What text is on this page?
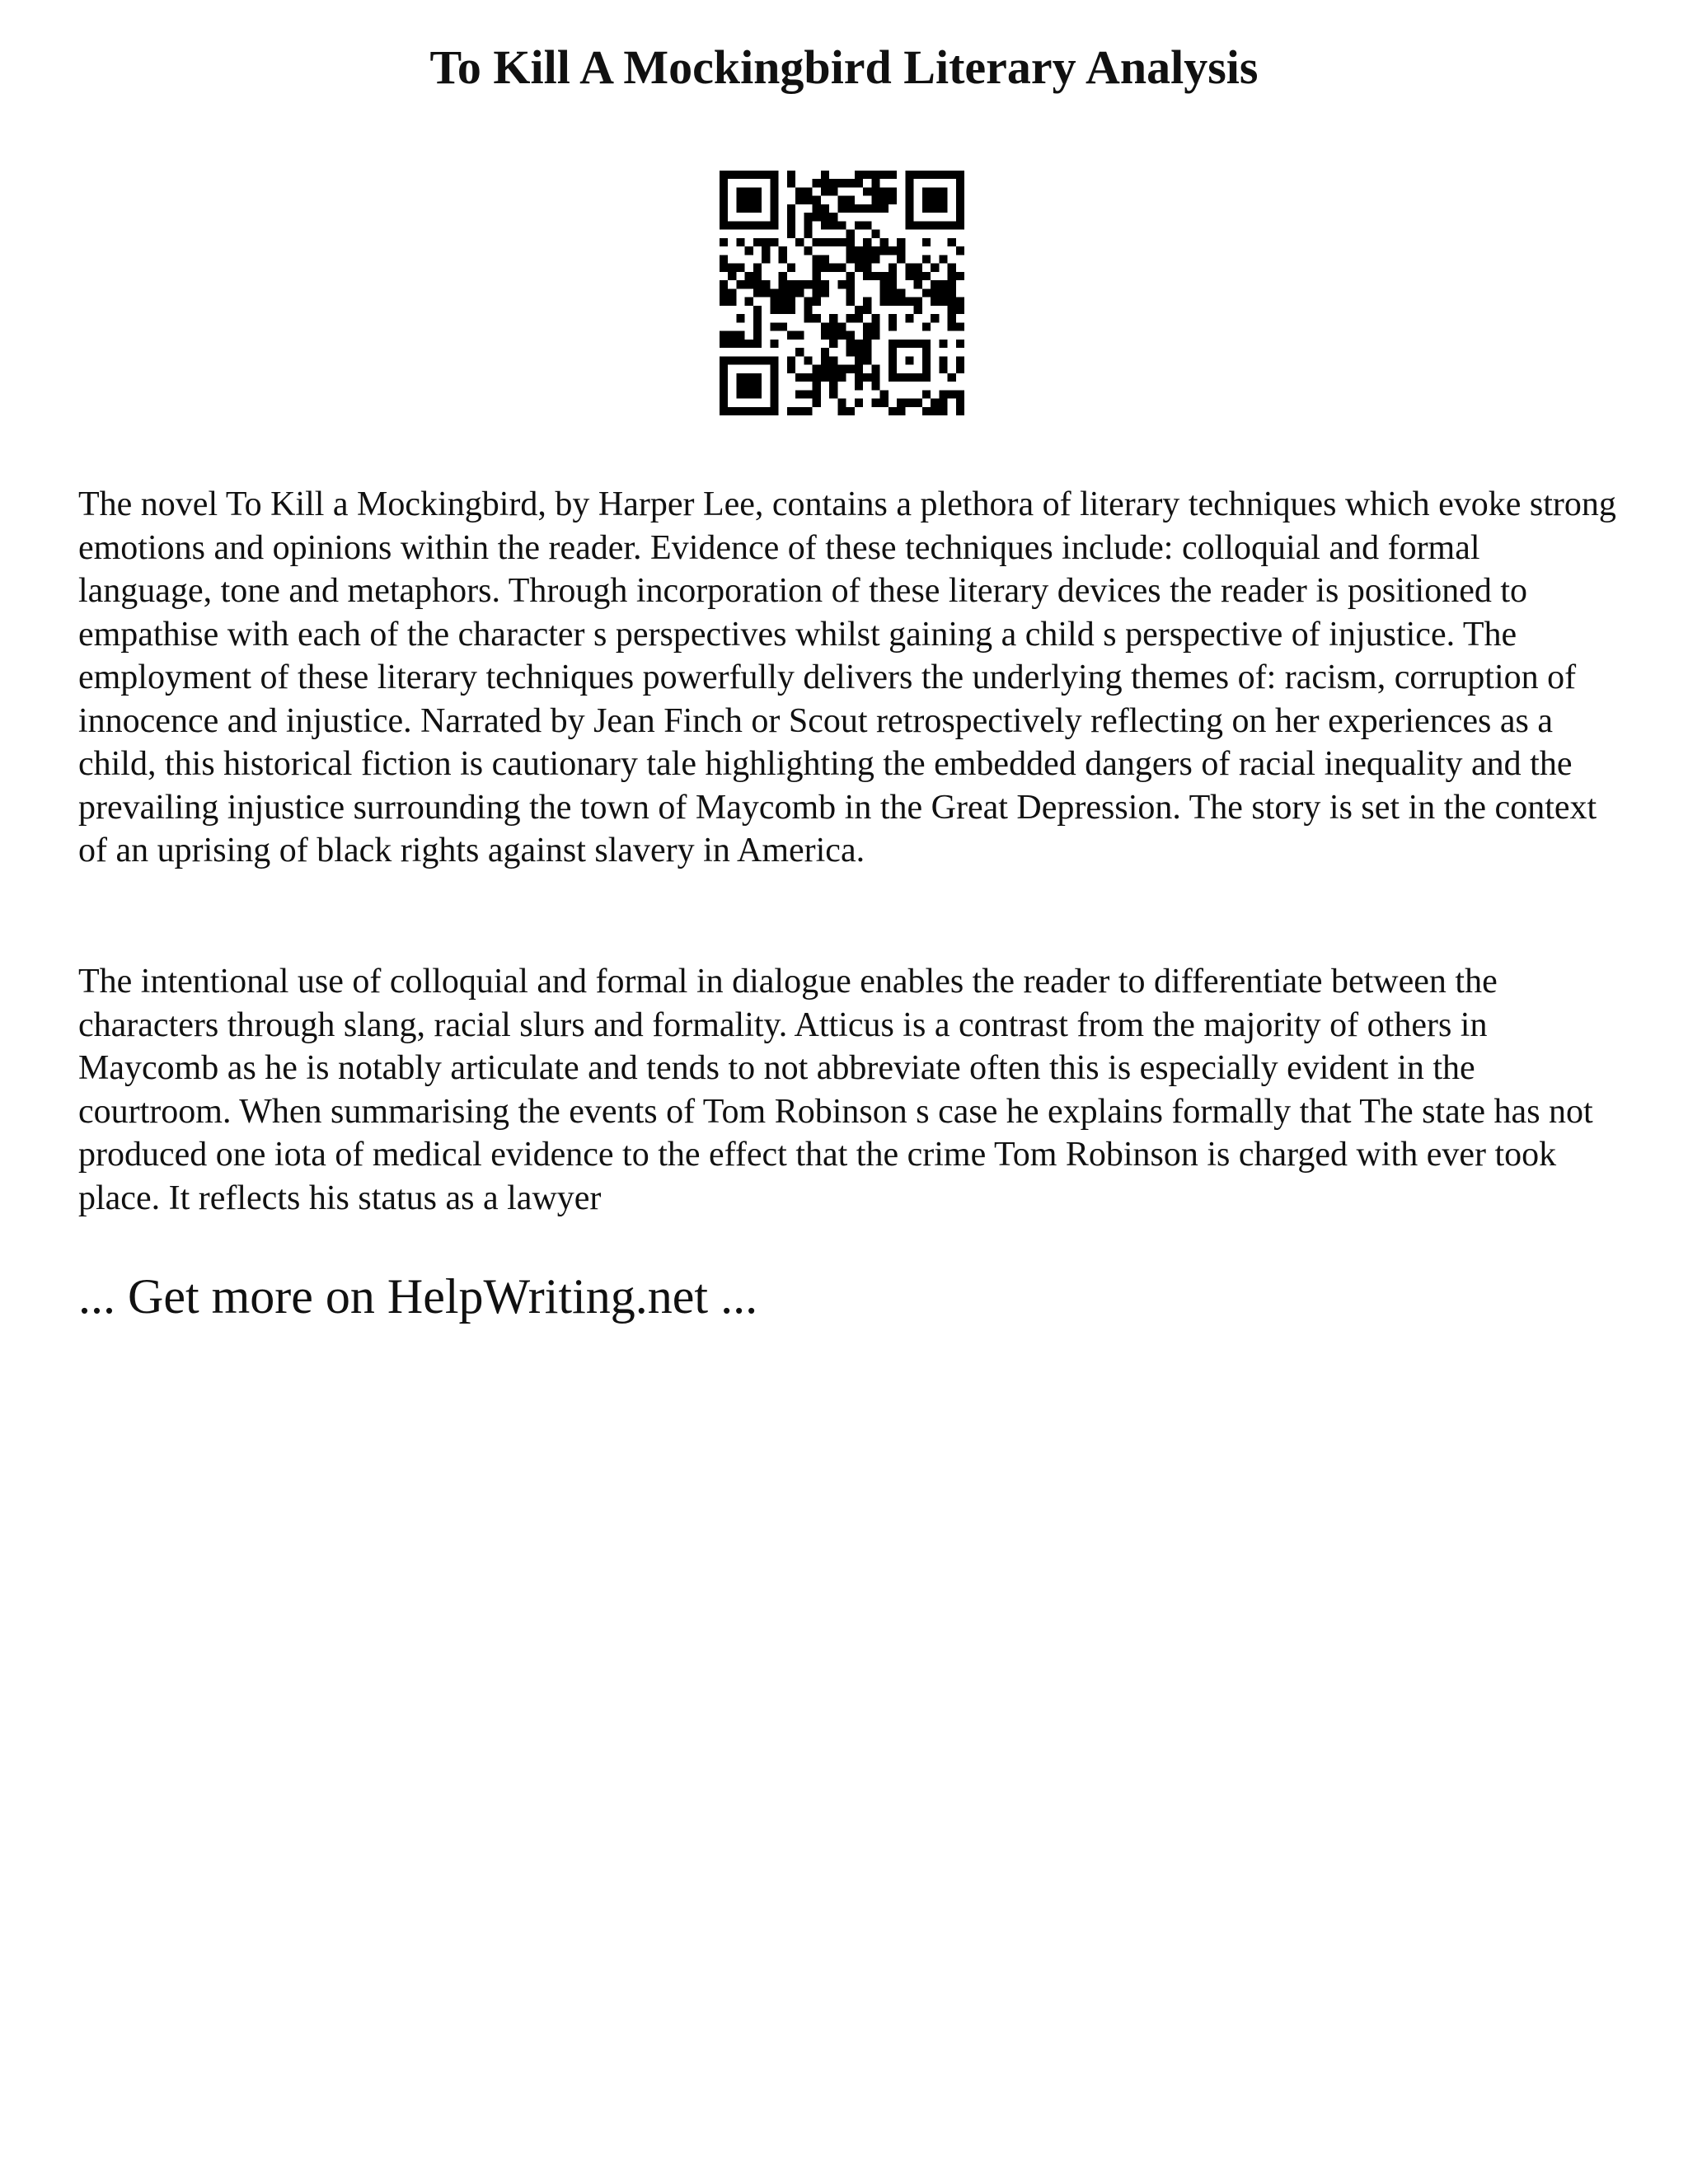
To Kill A Mockingbird Literary Analysis

The novel To Kill a Mockingbird, by Harper Lee, contains a plethora of literary techniques which evoke strong emotions and opinions within the reader. Evidence of these techniques include: colloquial and formal language, tone and metaphors. Through incorporation of these literary devices the reader is positioned to empathise with each of the character s perspectives whilst gaining a child s perspective of injustice. The employment of these literary techniques powerfully delivers the underlying themes of: racism, corruption of innocence and injustice. Narrated by Jean Finch or Scout retrospectively reflecting on her experiences as a child, this historical fiction is cautionary tale highlighting the embedded dangers of racial inequality and the prevailing injustice surrounding the town of Maycomb in the Great Depression. The story is set in the context of an uprising of black rights against slavery in America.

The intentional use of colloquial and formal in dialogue enables the reader to differentiate between the characters through slang, racial slurs and formality. Atticus is a contrast from the majority of others in Maycomb as he is notably articulate and tends to not abbreviate often this is especially evident in the courtroom. When summarising the events of Tom Robinson s case he explains formally that The state has not produced one iota of medical evidence to the effect that the crime Tom Robinson is charged with ever took place. It reflects his status as a lawyer

... Get more on HelpWriting.net ...
